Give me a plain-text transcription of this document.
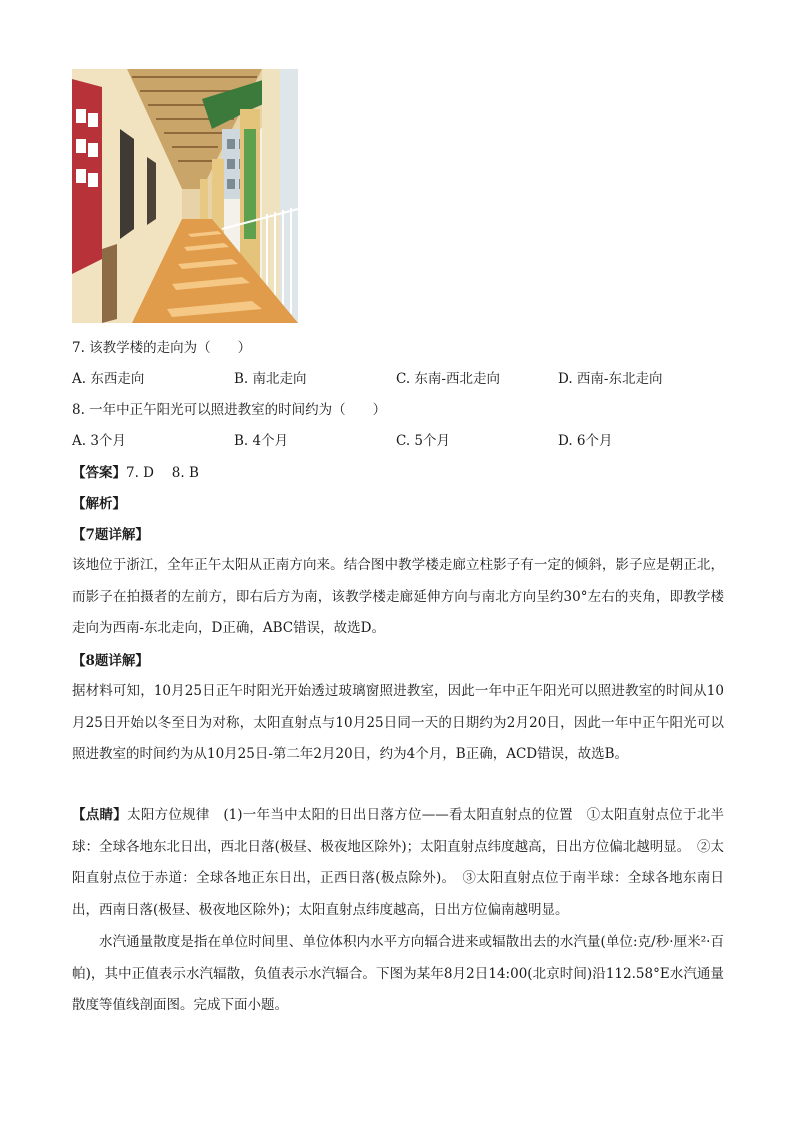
7. 该教学楼的走向为（　　）
A. 东西走向	B. 南北走向	C. 东南-西北走向	D. 西南-东北走向
8. 一年中正午阳光可以照进教室的时间约为（　　）
A. 3个月	B. 4个月	C. 5个月	D. 6个月
【答案】7. D　 8. B
【解析】
【7题详解】
该地位于浙江，全年正午太阳从正南方向来。结合图中教学楼走廊立柱影子有一定的倾斜，影子应是朝正北，而影子在拍摄者的左前方，即右后方为南，该教学楼走廊延伸方向与南北方向呈约30°左右的夹角，即教学楼走向为西南-东北走向，D正确，ABC错误，故选D。
【8题详解】
据材料可知，10月25日正午时阳光开始透过玻璃窗照进教室，因此一年中正午阳光可以照进教室的时间从10月25日开始以冬至日为对称，太阳直射点与10月25日同一天的日期约为2月20日，因此一年中正午阳光可以照进教室的时间约为从10月25日-第二年2月20日，约为4个月，B正确，ACD错误，故选B。
【点睛】太阳方位规律　(1)一年当中太阳的日出日落方位——看太阳直射点的位置　①太阳直射点位于北半球：全球各地东北日出，西北日落(极昼、极夜地区除外)；太阳直射点纬度越高，日出方位偏北越明显。　②太阳直射点位于赤道：全球各地正东日出，正西日落(极点除外)。　③太阳直射点位于南半球：全球各地东南日出，西南日落(极昼、极夜地区除外)；太阳直射点纬度越高，日出方位偏南越明显。
水汽通量散度是指在单位时间里、单位体积内水平方向辐合进来或辐散出去的水汽量(单位:克/秒·厘米²·百帕)，其中正值表示水汽辐散，负值表示水汽辐合。下图为某年8月2日14:00(北京时间)沿112.58°E水汽通量散度等值线剖面图。完成下面小题。
